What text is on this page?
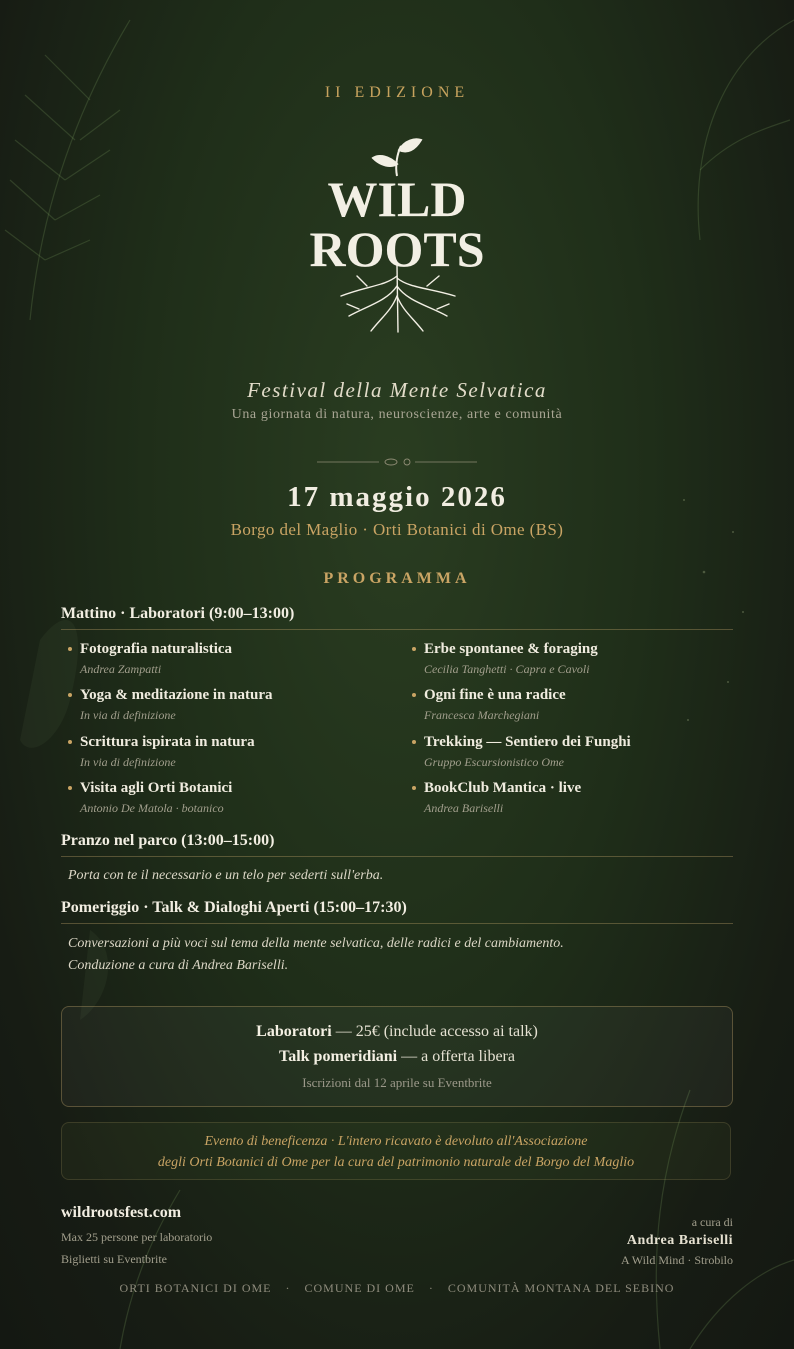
II EDIZIONE
WILD
ROOTS
Festival della Mente Selvatica
Una giornata di natura, neuroscienze, arte e comunità
17 maggio 2026
Borgo del Maglio · Orti Botanici di Ome (BS)
PROGRAMMA
Mattino · Laboratori (9:00–13:00)
Fotografia naturalistica
Andrea Zampatti
Erbe spontanee & foraging
Cecilia Tanghetti · Capra e Cavoli
Yoga & meditazione in natura
In via di definizione
Ogni fine è una radice
Francesca Marchegiani
Scrittura ispirata in natura
In via di definizione
Trekking — Sentiero dei Funghi
Gruppo Escursionistico Ome
Visita agli Orti Botanici
Antonio De Matola · botanico
BookClub Mantica · live
Andrea Bariselli
Pranzo nel parco (13:00–15:00)
Porta con te il necessario e un telo per sederti sull'erba.
Pomeriggio · Talk & Dialoghi Aperti (15:00–17:30)
Conversazioni a più voci sul tema della mente selvatica, delle radici e del cambiamento.
Conduzione a cura di Andrea Bariselli.
Laboratori — 25€ (include accesso ai talk)
Talk pomeridiani — a offerta libera
Iscrizioni dal 12 aprile su Eventbrite
Evento di beneficenza · L'intero ricavato è devoluto all'Associazione
degli Orti Botanici di Ome per la cura del patrimonio naturale del Borgo del Maglio
wildrootsfest.com
Max 25 persone per laboratorio
Biglietti su Eventbrite
a cura di
Andrea Bariselli
A Wild Mind · Strobilo
ORTI BOTANICI DI OME · COMUNE DI OME · COMUNITÀ MONTANA DEL SEBINO
